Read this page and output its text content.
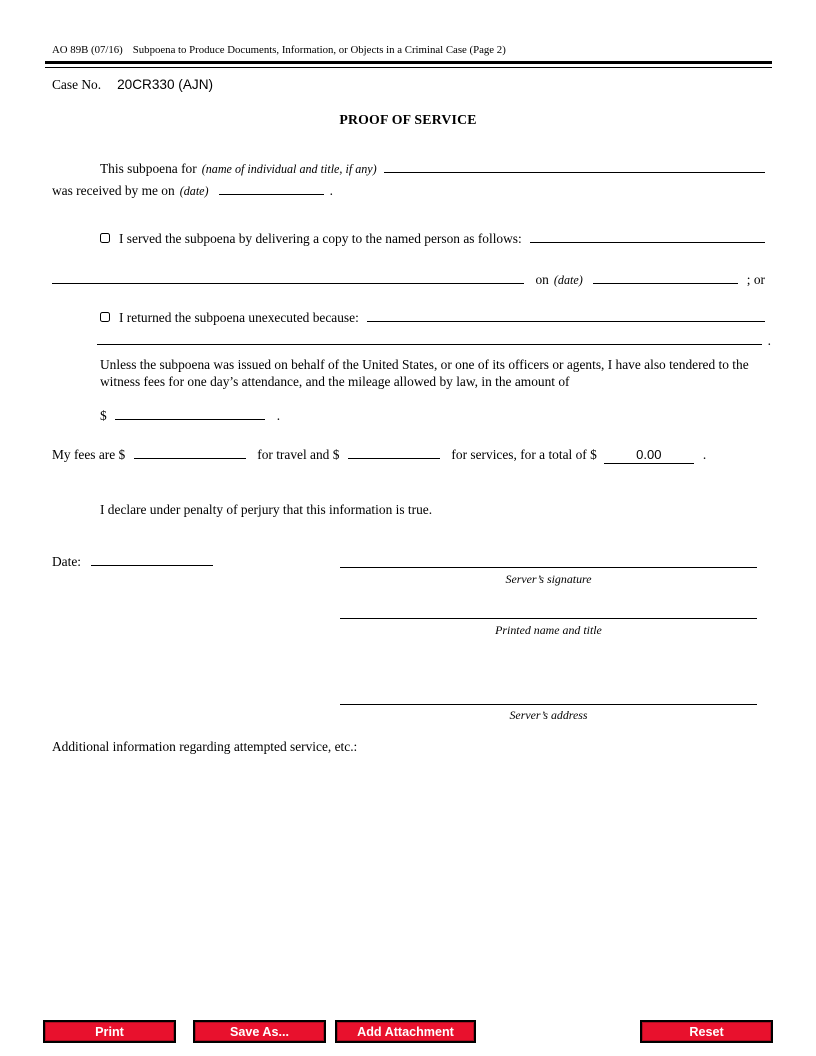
AO 89B (07/16) Subpoena to Produce Documents, Information, or Objects in a Criminal Case (Page 2)
Case No. 20CR330 (AJN)
PROOF OF SERVICE
This subpoena for (name of individual and title, if any)
was received by me on (date)	.
I served the subpoena by delivering a copy to the named person as follows:
on (date)	; or
I returned the subpoena unexecuted because:
.
Unless the subpoena was issued on behalf of the United States, or one of its officers or agents, I have also tendered to the witness fees for one day’s attendance, and the mileage allowed by law, in the amount of
$	.
My fees are $	for travel and $	for services, for a total of $	0.00	.
I declare under penalty of perjury that this information is true.
Date:
Server’s signature
Printed name and title
Server’s address
Additional information regarding attempted service, etc.:
Print	Save As...	Add Attachment	Reset
